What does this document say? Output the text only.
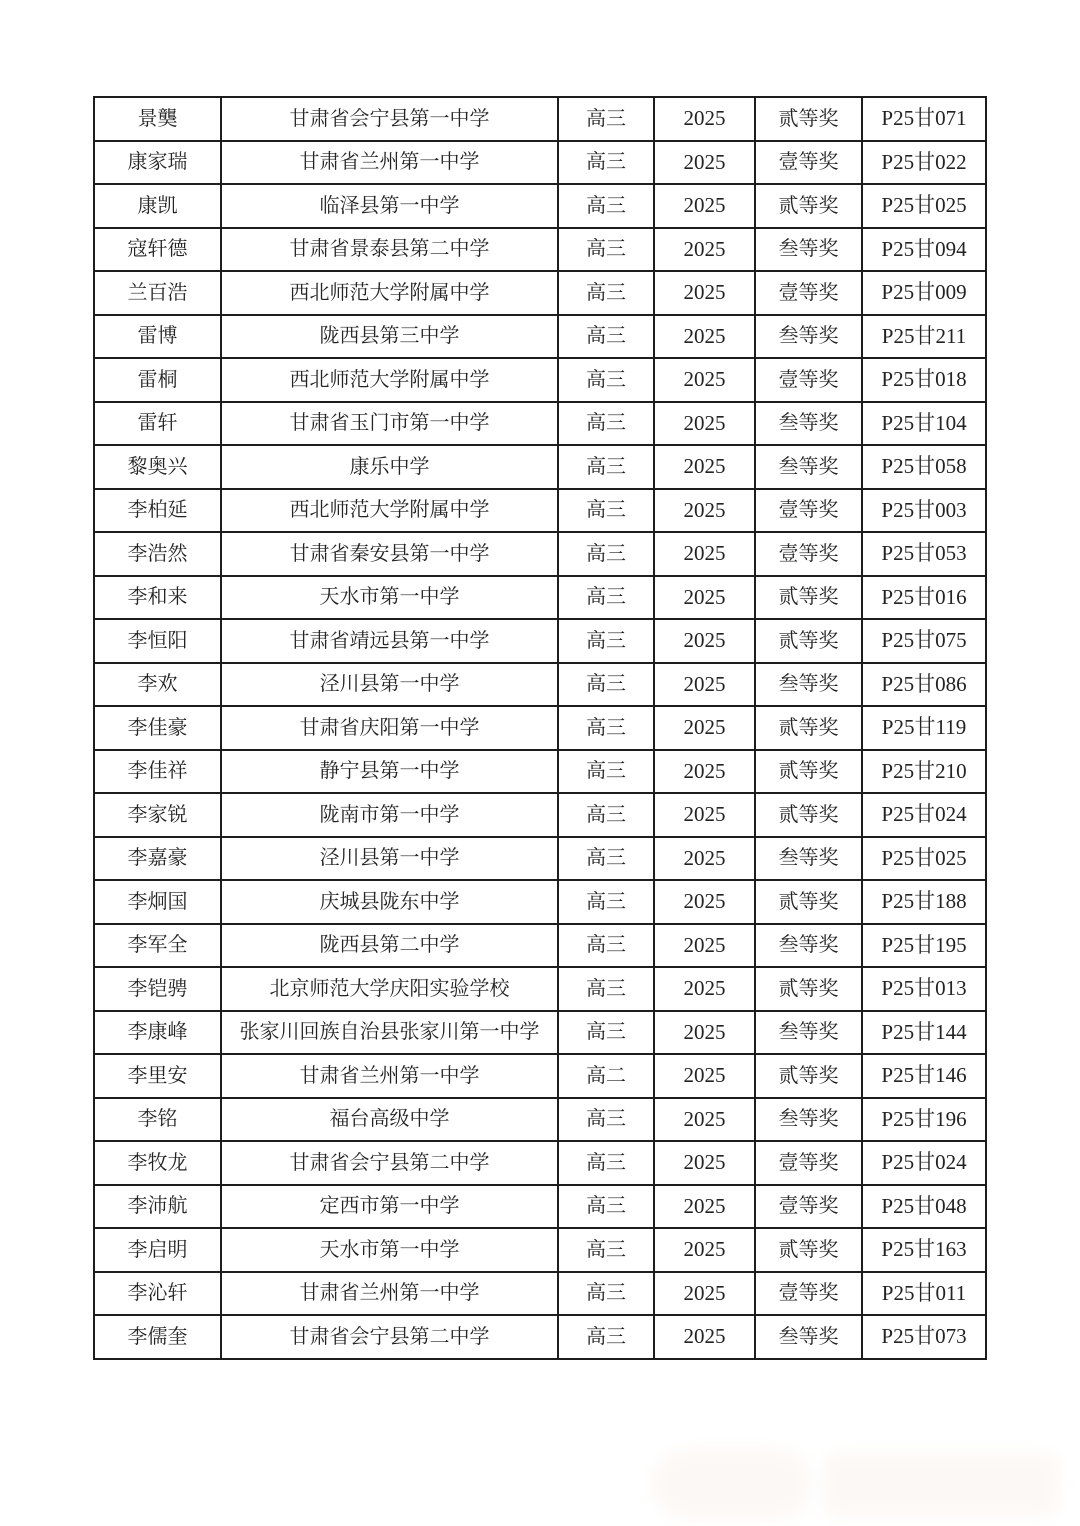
景龑	甘肃省会宁县第一中学	高三	2025	贰等奖	P25甘071
康家瑞	甘肃省兰州第一中学	高三	2025	壹等奖	P25甘022
康凯	临泽县第一中学	高三	2025	贰等奖	P25甘025
寇轩德	甘肃省景泰县第二中学	高三	2025	叁等奖	P25甘094
兰百浩	西北师范大学附属中学	高三	2025	壹等奖	P25甘009
雷博	陇西县第三中学	高三	2025	叁等奖	P25甘211
雷桐	西北师范大学附属中学	高三	2025	壹等奖	P25甘018
雷轩	甘肃省玉门市第一中学	高三	2025	叁等奖	P25甘104
黎奥兴	康乐中学	高三	2025	叁等奖	P25甘058
李柏延	西北师范大学附属中学	高三	2025	壹等奖	P25甘003
李浩然	甘肃省秦安县第一中学	高三	2025	壹等奖	P25甘053
李和来	天水市第一中学	高三	2025	贰等奖	P25甘016
李恒阳	甘肃省靖远县第一中学	高三	2025	贰等奖	P25甘075
李欢	泾川县第一中学	高三	2025	叁等奖	P25甘086
李佳豪	甘肃省庆阳第一中学	高三	2025	贰等奖	P25甘119
李佳祥	静宁县第一中学	高三	2025	贰等奖	P25甘210
李家锐	陇南市第一中学	高三	2025	贰等奖	P25甘024
李嘉豪	泾川县第一中学	高三	2025	叁等奖	P25甘025
李炯国	庆城县陇东中学	高三	2025	贰等奖	P25甘188
李军全	陇西县第二中学	高三	2025	叁等奖	P25甘195
李铠骋	北京师范大学庆阳实验学校	高三	2025	贰等奖	P25甘013
李康峰	张家川回族自治县张家川第一中学	高三	2025	叁等奖	P25甘144
李里安	甘肃省兰州第一中学	高二	2025	贰等奖	P25甘146
李铭	福台高级中学	高三	2025	叁等奖	P25甘196
李牧龙	甘肃省会宁县第二中学	高三	2025	壹等奖	P25甘024
李沛航	定西市第一中学	高三	2025	壹等奖	P25甘048
李启明	天水市第一中学	高三	2025	贰等奖	P25甘163
李沁轩	甘肃省兰州第一中学	高三	2025	壹等奖	P25甘011
李儒奎	甘肃省会宁县第二中学	高三	2025	叁等奖	P25甘073
